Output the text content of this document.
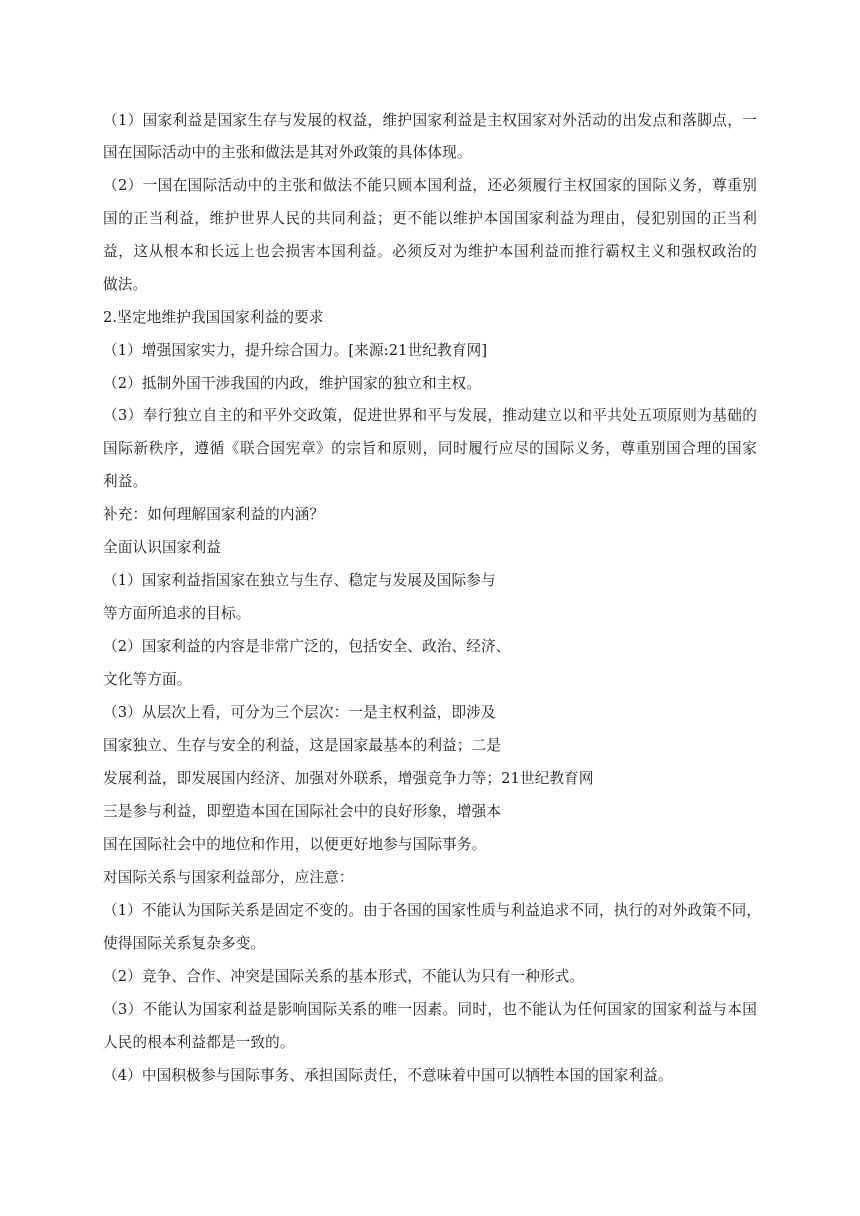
（1）国家利益是国家生存与发展的权益，维护国家利益是主权国家对外活动的出发点和落脚点，一

国在国际活动中的主张和做法是其对外政策的具体体现。

（2）一国在国际活动中的主张和做法不能只顾本国利益，还必须履行主权国家的国际义务，尊重别

国的正当利益，维护世界人民的共同利益；更不能以维护本国国家利益为理由，侵犯别国的正当利

益，这从根本和长远上也会损害本国利益。必须反对为维护本国利益而推行霸权主义和强权政治的

做法。

2.坚定地维护我国国家利益的要求

（1）增强国家实力，提升综合国力。[来源:21世纪教育网]

（2）抵制外国干涉我国的内政，维护国家的独立和主权。

（3）奉行独立自主的和平外交政策，促进世界和平与发展，推动建立以和平共处五项原则为基础的

国际新秩序，遵循《联合国宪章》的宗旨和原则，同时履行应尽的国际义务，尊重别国合理的国家

利益。

补充：如何理解国家利益的内涵？

全面认识国家利益

（1）国家利益指国家在独立与生存、稳定与发展及国际参与

等方面所追求的目标。

（2）国家利益的内容是非常广泛的，包括安全、政治、经济、

文化等方面。

（3）从层次上看，可分为三个层次：一是主权利益，即涉及

国家独立、生存与安全的利益，这是国家最基本的利益；二是

发展利益，即发展国内经济、加强对外联系，增强竞争力等；21世纪教育网

三是参与利益，即塑造本国在国际社会中的良好形象，增强本

国在国际社会中的地位和作用，以便更好地参与国际事务。

对国际关系与国家利益部分，应注意：

（1）不能认为国际关系是固定不变的。由于各国的国家性质与利益追求不同，执行的对外政策不同，

使得国际关系复杂多变。

（2）竞争、合作、冲突是国际关系的基本形式，不能认为只有一种形式。

（3）不能认为国家利益是影响国际关系的唯一因素。同时，也不能认为任何国家的国家利益与本国

人民的根本利益都是一致的。

（4）中国积极参与国际事务、承担国际责任，不意味着中国可以牺牲本国的国家利益。
